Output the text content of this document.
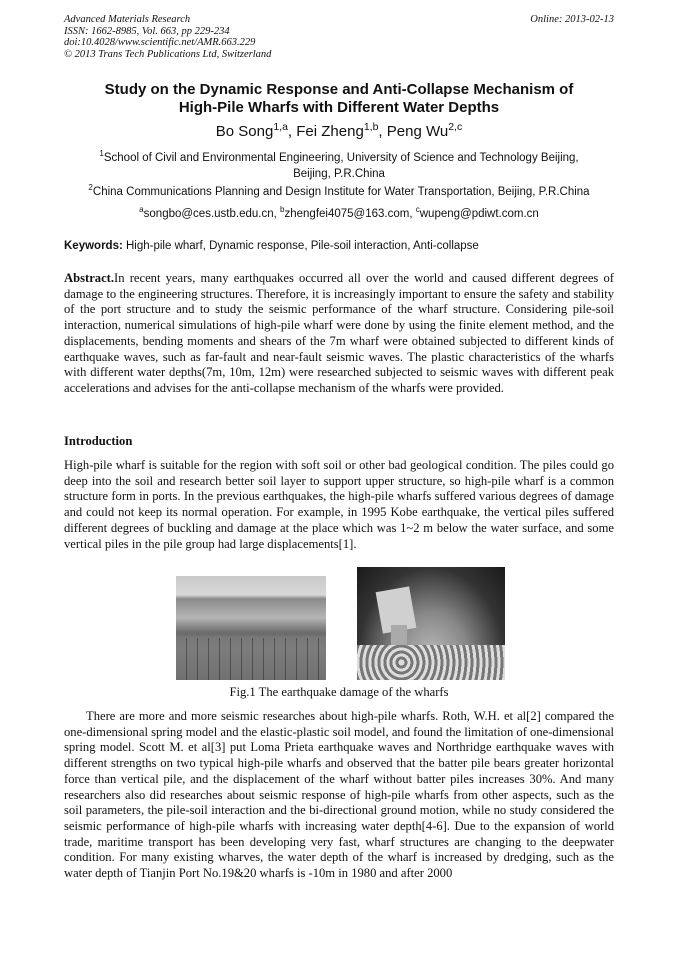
Advanced Materials Research
ISSN: 1662-8985, Vol. 663, pp 229-234
doi:10.4028/www.scientific.net/AMR.663.229
© 2013 Trans Tech Publications Ltd, Switzerland
Online: 2013-02-13
Study on the Dynamic Response and Anti-Collapse Mechanism of
High-Pile Wharfs with Different Water Depths
Bo Song$^{1,a}$, Fei Zheng$^{1,b}$, Peng Wu$^{2,c}$
$^1$School of Civil and Environmental Engineering, University of Science and Technology Beijing,
Beijing, P.R.China
$^2$China Communications Planning and Design Institute for Water Transportation, Beijing, P.R.China
$^a$songbo@ces.ustb.edu.cn, $^b$zhengfei4075@163.com, $^c$wupeng@pdiwt.com.cn
Keywords: High-pile wharf, Dynamic response, Pile-soil interaction, Anti-collapse
Abstract.In recent years, many earthquakes occurred all over the world and caused different degrees of damage to the engineering structures. Therefore, it is increasingly important to ensure the safety and stability of the port structure and to study the seismic performance of the wharf structure. Considering pile-soil interaction, numerical simulations of high-pile wharf were done by using the finite element method, and the displacements, bending moments and shears of the 7m wharf were obtained subjected to different kinds of earthquake waves, such as far-fault and near-fault seismic waves. The plastic characteristics of the wharfs with different water depths(7m, 10m, 12m) were researched subjected to seismic waves with different peak accelerations and advises for the anti-collapse mechanism of the wharfs were provided.
Introduction
High-pile wharf is suitable for the region with soft soil or other bad geological condition. The piles could go deep into the soil and research better soil layer to support upper structure, so high-pile wharf is a common structure form in ports. In the previous earthquakes, the high-pile wharfs suffered various degrees of damage and could not keep its normal operation. For example, in 1995 Kobe earthquake, the vertical piles suffered different degrees of buckling and damage at the place which was 1~2 m below the water surface, and some vertical piles in the pile group had large displacements[1].
Fig.1 The earthquake damage of the wharfs
There are more and more seismic researches about high-pile wharfs. Roth, W.H. et al[2] compared the one-dimensional spring model and the elastic-plastic soil model, and found the limitation of one-dimensional spring model. Scott M. et al[3] put Loma Prieta earthquake waves and Northridge earthquake waves with different strengths on two typical high-pile wharfs and observed that the batter pile bears greater horizontal force than vertical pile, and the displacement of the wharf without batter piles increases 30%. And many researchers also did researches about seismic response of high-pile wharfs from other aspects, such as the soil parameters, the pile-soil interaction and the bi-directional ground motion, while no study considered the seismic performance of high-pile wharfs with increasing water depth[4-6]. Due to the expansion of world trade, maritime transport has been developing very fast, wharf structures are changing to the deepwater condition. For many existing wharves, the water depth of the wharf is increased by dredging, such as the water depth of Tianjin Port No.19&20 wharfs is -10m in 1980 and after 2000
